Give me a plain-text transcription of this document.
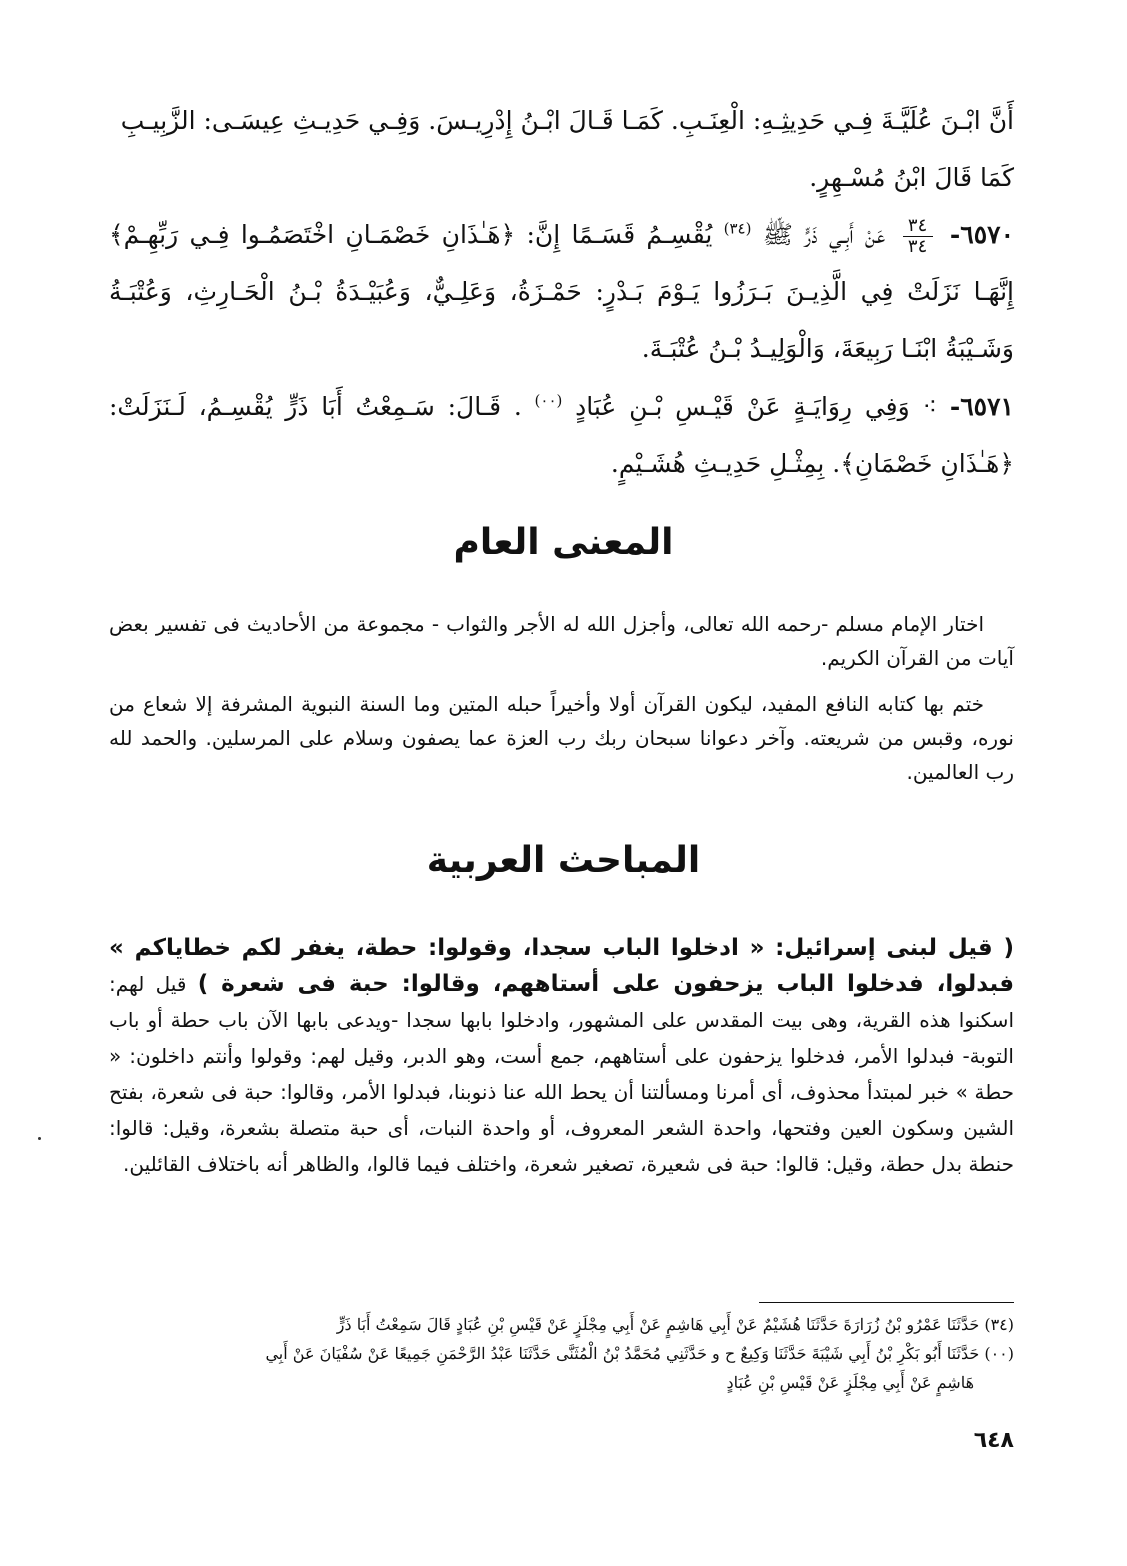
أَنَّ ابْـنَ عُلَيَّـةَ فِـي حَدِيثِـهِ: الْعِنَـبِ. كَمَـا قَـالَ ابْـنُ إِدْرِيـسَ. وَفِـي حَدِيـثِ عِيسَـى: الزَّبِيـبِ
كَمَا قَالَ ابْنُ مُسْـهِرٍ.
٦٥٧٠-
$\frac{٣٤}{٣٤}$
عَنْ أَبِـي ذَرٍّ ﷺ $^{(٣٤)}$ يُقْسِـمُ قَسَـمًا إِنَّ: ﴿هَـٰذَانِ خَصْمَـانِ اخْتَصَمُـوا فِـي رَبِّهِـمْ﴾ إِنَّهَـا نَزَلَتْ فِي الَّذِيـنَ بَـرَزُوا يَـوْمَ بَـدْرٍ: حَمْـزَةُ، وَعَلِـيٌّ، وَعُبَيْـدَةُ بْـنُ الْحَـارِثِ، وَعُتْبَـةُ وَشَـيْبَةُ ابْنَـا رَبِيعَةَ، وَالْوَلِيـدُ بْـنُ عُتْبَـةَ.
٦٥٧١- ⁖ وَفِي رِوَايَـةٍ عَنْ قَيْـسِ بْـنِ عُبَادٍ $^{(٠٠)}$ . قَـالَ: سَـمِعْتُ أَبَا ذَرٍّ يُقْسِـمُ، لَـنَزَلَتْ: ﴿هَـٰذَانِ خَصْمَانِ﴾. بِمِثْـلِ حَدِيـثِ هُشَـيْمٍ.
المعنى العام

اختار الإمام مسلم -رحمه الله تعالى، وأجزل الله له الأجر والثواب - مجموعة من الأحاديث فى تفسير بعض آيات من القرآن الكريم.

ختم بها كتابه النافع المفيد، ليكون القرآن أولا وأخيراً حبله المتين وما السنة النبوية المشرفة إلا شعاع من نوره، وقبس من شريعته. وآخر دعوانا سبحان ربك رب العزة عما يصفون وسلام على المرسلين. والحمد لله رب العالمين.

المباحث العربية
( قيل لبنى إسرائيل: « ادخلوا الباب سجدا، وقولوا: حطة، يغفر لكم خطاياكم » فبدلوا، فدخلوا الباب يزحفون على أستاههم، وقالوا: حبة فى شعرة ) قيل لهم: اسكنوا هذه القرية، وهى بيت المقدس على المشهور، وادخلوا بابها سجدا -ويدعى بابها الآن باب حطة أو باب التوبة- فبدلوا الأمر، فدخلوا يزحفون على أستاههم، جمع أست، وهو الدبر، وقيل لهم: وقولوا وأنتم داخلون: « حطة » خبر لمبتدأ محذوف، أى أمرنا ومسألتنا أن يحط الله عنا ذنوبنا، فبدلوا الأمر، وقالوا: حبة فى شعرة، بفتح الشين وسكون العين وفتحها، واحدة الشعر المعروف، أو واحدة النبات، أى حبة متصلة بشعرة، وقيل: قالوا: حنطة بدل حطة، وقيل: قالوا: حبة فى شعيرة، تصغير شعرة، واختلف فيما قالوا، والظاهر أنه باختلاف القائلين.
(٣٤) حَدَّثَنَا عَمْرُو بْنُ زُرَارَةَ حَدَّثَنَا هُشَيْمٌ عَنْ أَبِي هَاشِمٍ عَنْ أَبِي مِجْلَزٍ عَنْ قَيْسِ بْنِ عُبَادٍ قَالَ سَمِعْتُ أَبَا ذَرٍّ
(٠٠) حَدَّثَنَا أَبُو بَكْرِ بْنُ أَبِي شَيْبَةَ حَدَّثَنَا وَكِيعٌ ح و حَدَّثَنِي مُحَمَّدُ بْنُ الْمُثَنَّى حَدَّثَنَا عَبْدُ الرَّحْمَنِ جَمِيعًا عَنْ سُفْيَانَ عَنْ أَبِي
هَاشِمٍ عَنْ أَبِي مِجْلَزٍ عَنْ قَيْسِ بْنِ عُبَادٍ
٦٤٨
